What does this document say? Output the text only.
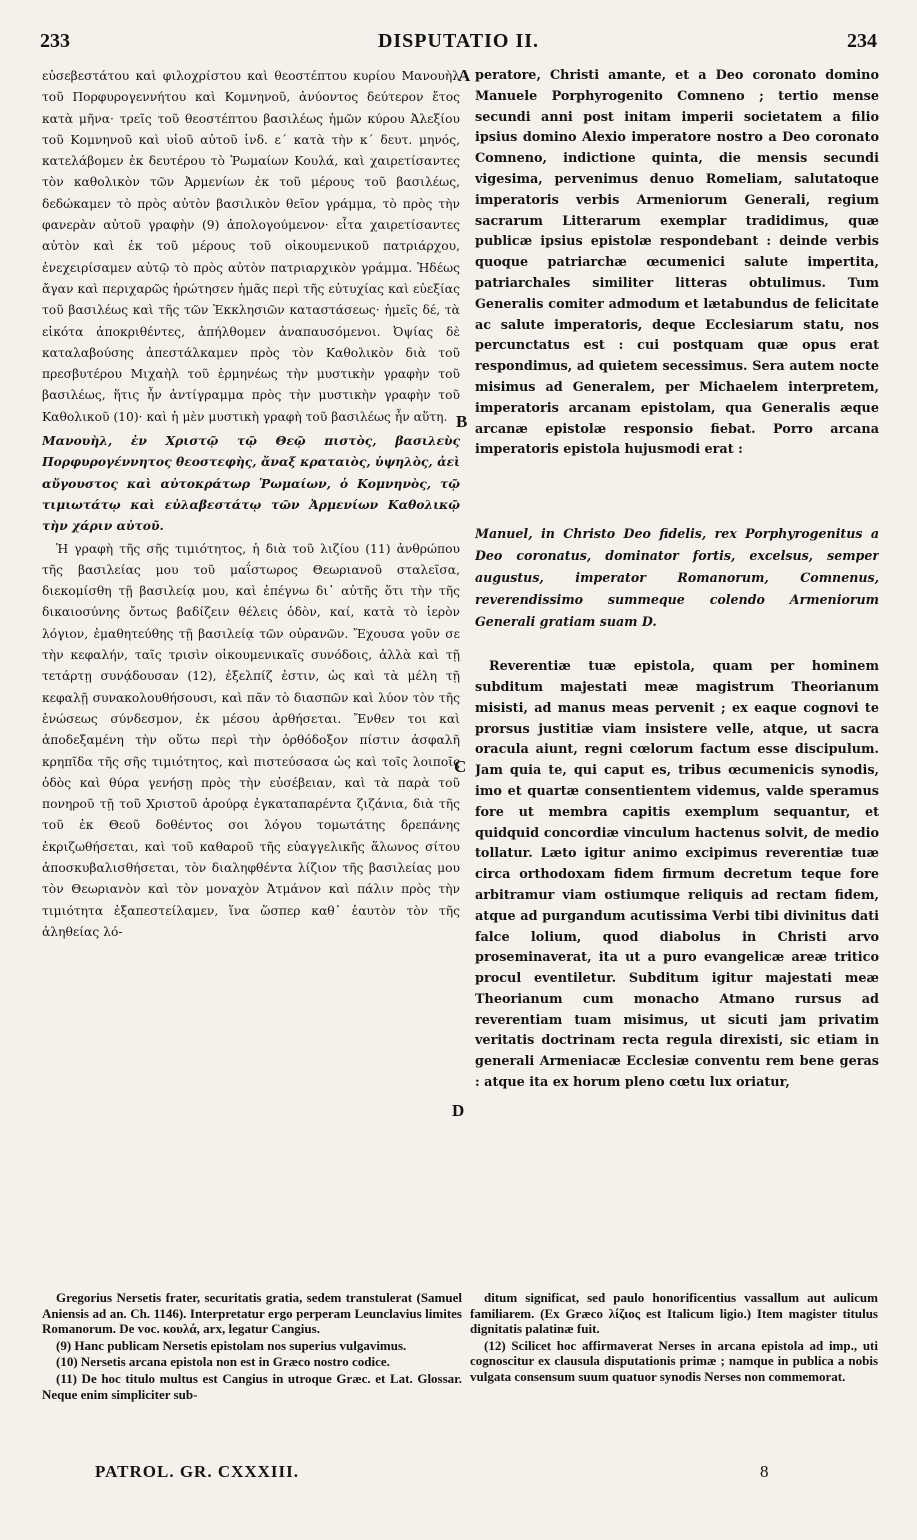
233	DISPUTATIO II.	234

εὐσεβεστάτου καὶ φιλοχρίστου καὶ θεοστέπτου κυρίου Μανουὴλ τοῦ Πορφυρογεννήτου καὶ Κομνηνοῦ, ἀνύοντος δεύτερον ἔτος κατὰ μῆνα· τρεῖς τοῦ θεοστέπτου βασιλέως ἡμῶν κύρου Ἀλεξίου τοῦ Κομνηνοῦ καὶ υἱοῦ αὐτοῦ ἰνδ. ε΄ κατὰ τὴν κ΄ δευτ. μηνός, κατελάβομεν ἐκ δευτέρου τὸ Ῥωμαίων Κουλά, καὶ χαιρετίσαντες τὸν καθολικὸν τῶν Ἀρμενίων ἐκ τοῦ μέρους τοῦ βασιλέως, δεδώκαμεν τὸ πρὸς αὐτὸν βασιλικὸν θεῖον γράμμα, τὸ πρὸς τὴν φανερὰν αὐτοῦ γραφὴν (9) ἀπολογούμενον· εἶτα χαιρετίσαντες αὐτὸν καὶ ἐκ τοῦ μέρους τοῦ οἰκουμενικοῦ πατριάρχου, ἐνεχειρίσαμεν αὐτῷ τὸ πρὸς αὐτὸν πατριαρχικὸν γράμμα. Ἡδέως ἄγαν καὶ περιχαρῶς ἠρώτησεν ἡμᾶς περὶ τῆς εὐτυχίας καὶ εὐεξίας τοῦ βασιλέως καὶ τῆς τῶν Ἐκκλησιῶν καταστάσεως· ἡμεῖς δέ, τὰ εἰκότα ἀποκριθέντες, ἀπήλθομεν ἀναπαυσόμενοι. Ὀψίας δὲ καταλαβούσης ἀπεστάλκαμεν πρὸς τὸν Καθολικὸν διὰ τοῦ πρεσβυτέρου Μιχαὴλ τοῦ ἑρμηνέως τὴν μυστικὴν γραφὴν τοῦ βασιλέως, ἥτις ἦν ἀντίγραμμα πρὸς τὴν μυστικὴν γραφὴν τοῦ Καθολικοῦ (10)· καὶ ἡ μὲν μυστικὴ γραφὴ τοῦ βασιλέως ἦν αὕτη.

Μανουὴλ, ἐν Χριστῷ τῷ Θεῷ πιστὸς, βασιλεὺς Πορφυρογέννητος θεοστεφὴς, ἄναξ κραταιὸς, ὑψηλὸς, ἀεὶ αὔγουστος καὶ αὐτοκράτωρ Ῥωμαίων, ὁ Κομνηνὸς, τῷ τιμιωτάτῳ καὶ εὐλαβεστάτῳ τῶν Ἀρμενίων Καθολικῷ τὴν χάριν αὐτοῦ.

Ἡ γραφὴ τῆς σῆς τιμιότητος, ἡ διὰ τοῦ λιζίου (11) ἀνθρώπου τῆς βασιλείας μου τοῦ μαΐστωρος Θεωριανοῦ σταλεῖσα, διεκομίσθη τῇ βασιλείᾳ μου, καὶ ἐπέγνω δι᾽ αὐτῆς ὅτι τὴν τῆς δικαιοσύνης ὄντως βαδίζειν θέλεις ὁδὸν, καί, κατὰ τὸ ἱερὸν λόγιον, ἐμαθητεύθης τῇ βασιλείᾳ τῶν οὐρανῶν. Ἔχουσα γοῦν σε τὴν κεφαλήν, ταῖς τρισὶν οἰκουμενικαῖς συνόδοις, ἀλλὰ καὶ τῇ τετάρτῃ συνᾴδουσαν (12), ἐξελπίζ ἐστιν, ὡς καὶ τὰ μέλη τῇ κεφαλῇ συνακολουθήσουσι, καὶ πᾶν τὸ διασπῶν καὶ λύον τὸν τῆς ἑνώσεως σύνδεσμον, ἐκ μέσου ἀρθήσεται. Ἔνθεν τοι καὶ ἀποδεξαμένη τὴν οὕτω περὶ τὴν ὀρθόδοξον πίστιν ἀσφαλῆ κρηπῖδα τῆς σῆς τιμιότητος, καὶ πιστεύσασα ὡς καὶ τοῖς λοιποῖς ὁδὸς καὶ θύρα γενήσῃ πρὸς τὴν εὐσέβειαν, καὶ τὰ παρὰ τοῦ πονηροῦ τῇ τοῦ Χριστοῦ ἀρούρᾳ ἐγκαταπαρέντα ζιζάνια, διὰ τῆς τοῦ ἐκ Θεοῦ δοθέντος σοι λόγου τομωτάτης δρεπάνης ἐκριζωθήσεται, καὶ τοῦ καθαροῦ τῆς εὐαγγελικῆς ἅλωνος σίτου ἀποσκυβαλισθήσεται, τὸν διαληφθέντα λίζιον τῆς βασιλείας μου τὸν Θεωριανὸν καὶ τὸν μοναχὸν Ἀτμάνον καὶ πάλιν πρὸς τὴν τιμιότητα ἐξαπεστείλαμεν, ἵνα ὥσπερ καθ᾽ ἑαυτὸν τὸν τῆς ἀληθείας λό-

A
B
C
D

peratore, Christi amante, et a Deo coronato domino Manuele Porphyrogenito Comneno ; tertio mense secundi anni post initam imperii societatem a filio ipsius domino Alexio imperatore nostro a Deo coronato Comneno, indictione quinta, die mensis secundi vigesima, pervenimus denuo Romeliam, salutatoque imperatoris verbis Armeniorum Generali, regium sacrarum Litterarum exemplar tradidimus, quæ publicæ ipsius epistolæ respondebant : deinde verbis quoque patriarchæ œcumenici salute impertita, patriarchales similiter litteras obtulimus. Tum Generalis comiter admodum et lætabundus de felicitate ac salute imperatoris, deque Ecclesiarum statu, nos percunctatus est : cui postquam quæ opus erat respondimus, ad quietem secessimus. Sera autem nocte misimus ad Generalem, per Michaelem interpretem, imperatoris arcanam epistolam, qua Generalis æque arcanæ epistolæ responsio fiebat. Porro arcana imperatoris epistola hujusmodi erat :

Manuel, in Christo Deo fidelis, rex Porphyrogenitus a Deo coronatus, dominator fortis, excelsus, semper augustus, imperator Romanorum, Comnenus, reverendissimo summeque colendo Armeniorum Generali gratiam suam D.

Reverentiæ tuæ epistola, quam per hominem subditum majestati meæ magistrum Theorianum misisti, ad manus meas pervenit ; ex eaque cognovi te prorsus justitiæ viam insistere velle, atque, ut sacra oracula aiunt, regni cœlorum factum esse discipulum. Jam quia te, qui caput es, tribus œcumenicis synodis, imo et quartæ consentientem videmus, valde speramus fore ut membra capitis exemplum sequantur, et quidquid concordiæ vinculum hactenus solvit, de medio tollatur. Læto igitur animo excipimus reverentiæ tuæ circa orthodoxam fidem firmum decretum teque fore arbitramur viam ostiumque reliquis ad rectam fidem, atque ad purgandum acutissima Verbi tibi divinitus dati falce lolium, quod diabolus in Christi arvo proseminaverat, ita ut a puro evangelicæ areæ tritico procul eventiletur. Subditum igitur majestati meæ Theorianum cum monacho Atmano rursus ad reverentiam tuam misimus, ut sicuti jam privatim veritatis doctrinam recta regula direxisti, sic etiam in generali Armeniacæ Ecclesiæ conventu rem bene geras : atque ita ex horum pleno cœtu lux oriatur,

Gregorius Nersetis frater, securitatis gratia, sedem transtulerat (Samuel Aniensis ad an. Ch. 1146). Interpretatur ergo perperam Leunclavius limites Romanorum. De voc. κουλά, arx, legatur Cangius.

(9) Hanc publicam Nersetis epistolam nos superius vulgavimus.

(10) Nersetis arcana epistola non est in Græco nostro codice.

(11) De hoc titulo multus est Cangius in utroque Græc. et Lat. Glossar. Neque enim simpliciter sub-

ditum significat, sed paulo honorificentius vassallum aut aulicum familiarem. (Ex Græco λίζιος est Italicum ligio.) Item magister titulus dignitatis palatinæ fuit.

(12) Scilicet hoc affirmaverat Nerses in arcana epistola ad imp., uti cognoscitur ex clausula disputationis primæ ; namque in publica a nobis vulgata consensum suum quatuor synodis Nerses non commemorat.

PATROL. GR. CXXXIII.	8
